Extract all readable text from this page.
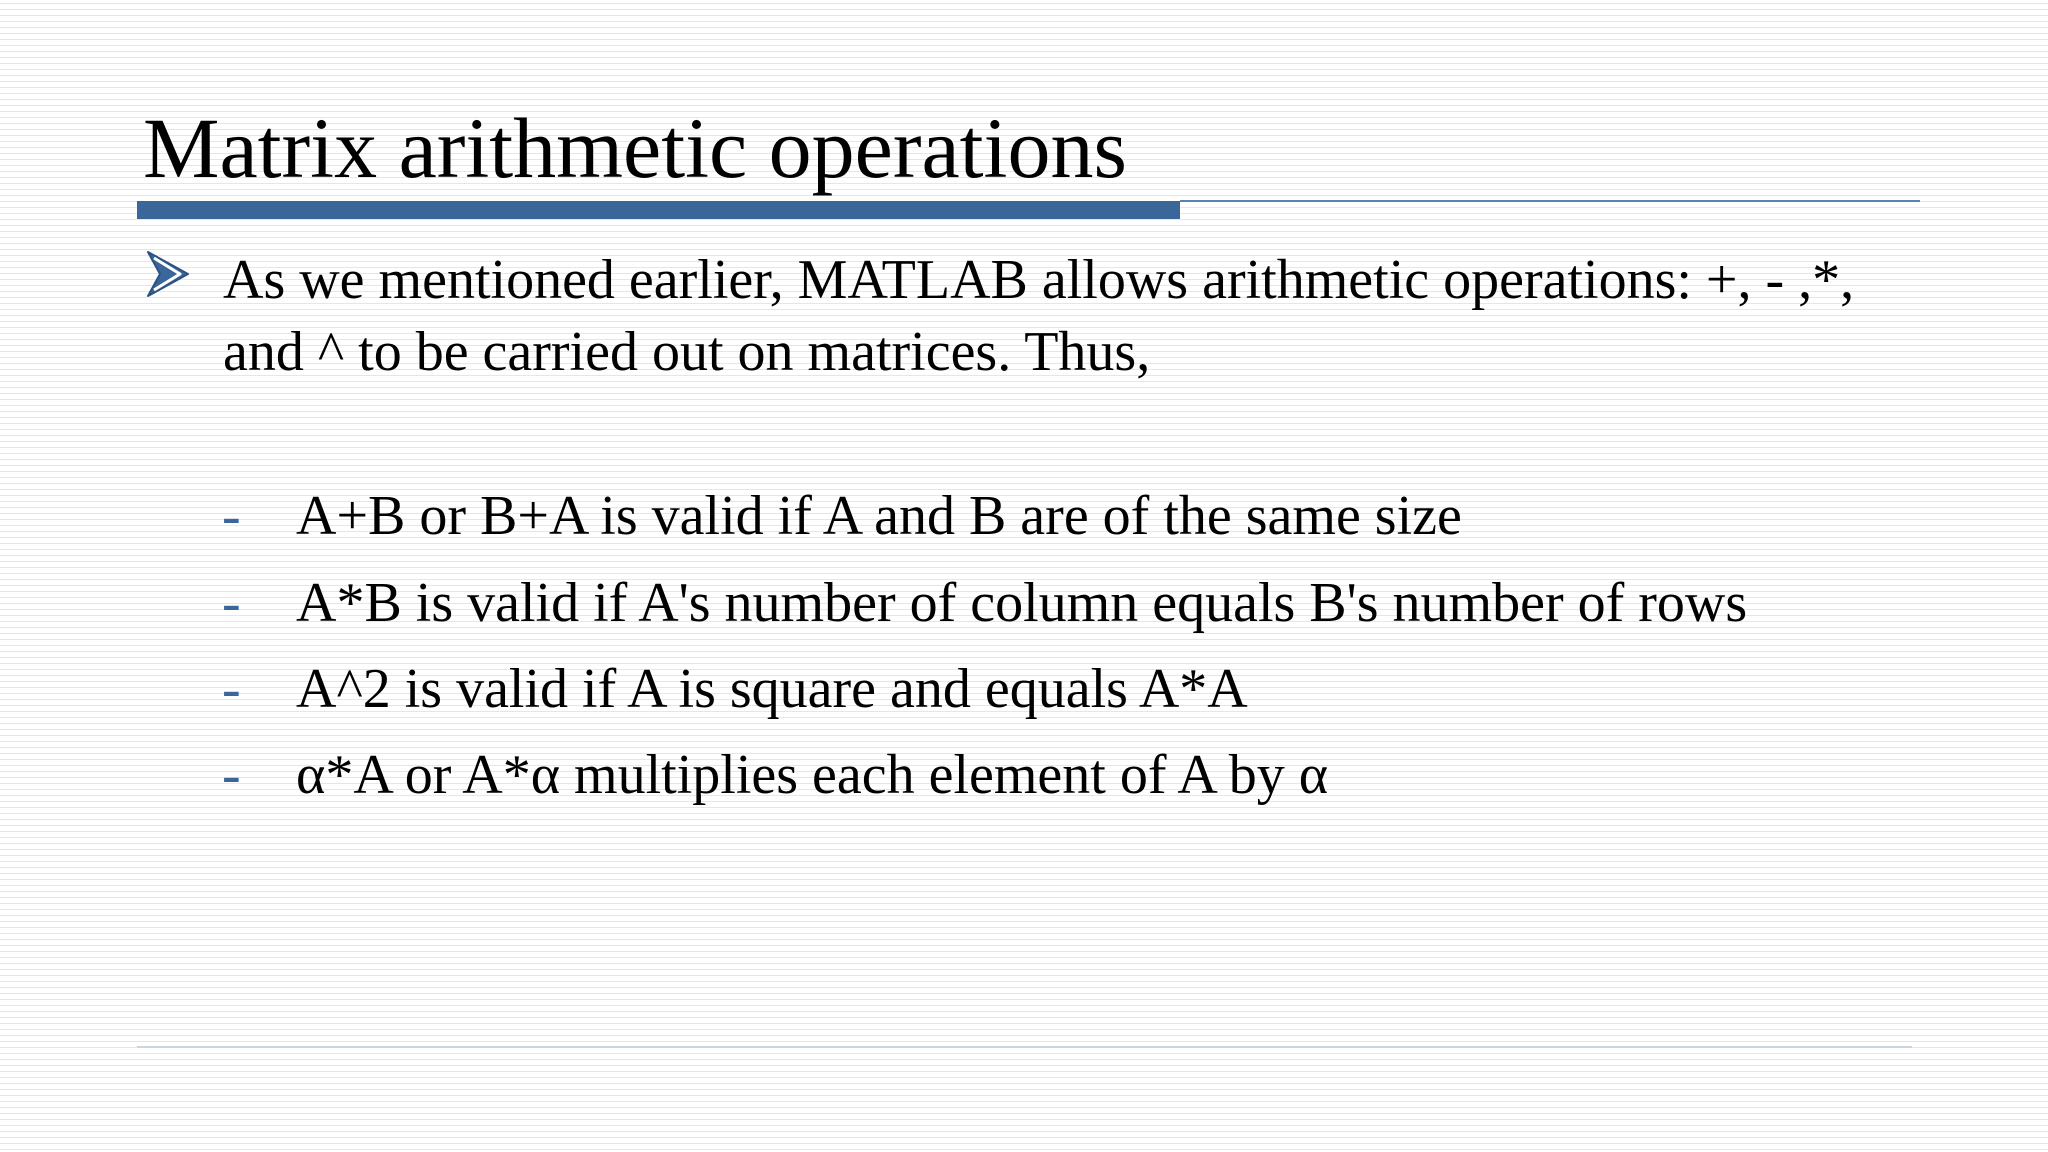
Matrix arithmetic operations
As we mentioned earlier, MATLAB allows arithmetic operations: +, - ,*, and ^ to be carried out on matrices. Thus,
- A+B or B+A is valid if A and B are of the same size
- A*B is valid if A's number of column equals B's number of rows
- A^2 is valid if A is square and equals A*A
- α*A or A*α multiplies each element of A by α
